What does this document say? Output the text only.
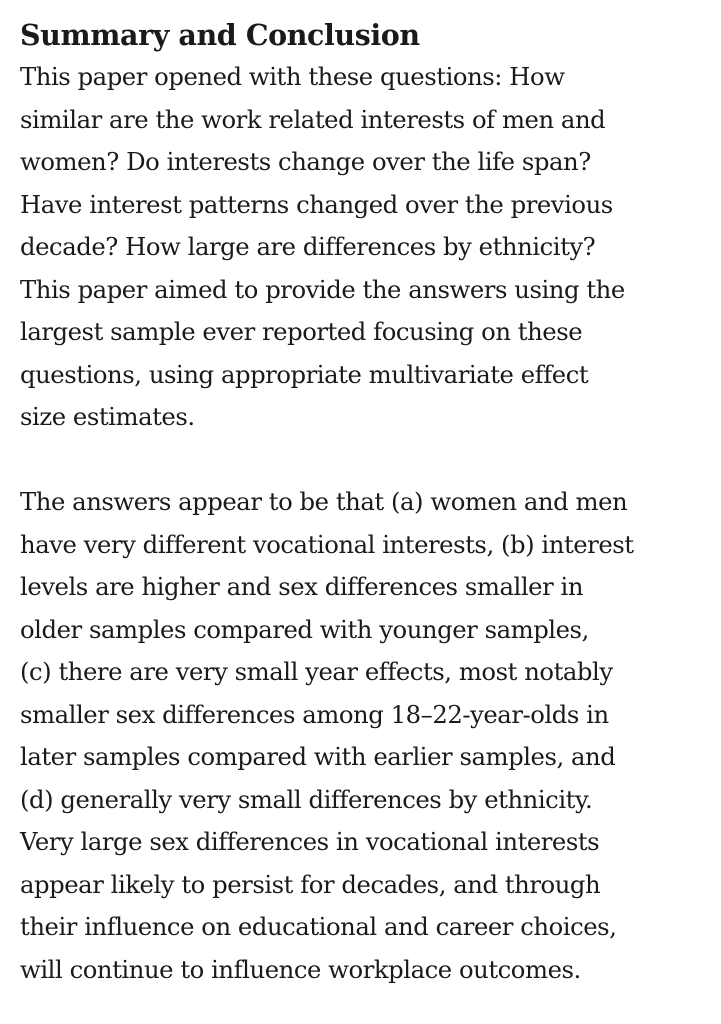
Summary and Conclusion

This paper opened with these questions: How
similar are the work related interests of men and
women? Do interests change over the life span?
Have interest patterns changed over the previous
decade? How large are differences by ethnicity?
This paper aimed to provide the answers using the
largest sample ever reported focusing on these
questions, using appropriate multivariate effect
size estimates.

The answers appear to be that (a) women and men
have very different vocational interests, (b) interest
levels are higher and sex differences smaller in
older samples compared with younger samples,
(c) there are very small year effects, most notably
smaller sex differences among 18–22-year-olds in
later samples compared with earlier samples, and
(d) generally very small differences by ethnicity.
Very large sex differences in vocational interests
appear likely to persist for decades, and through
their influence on educational and career choices,
will continue to influence workplace outcomes.
